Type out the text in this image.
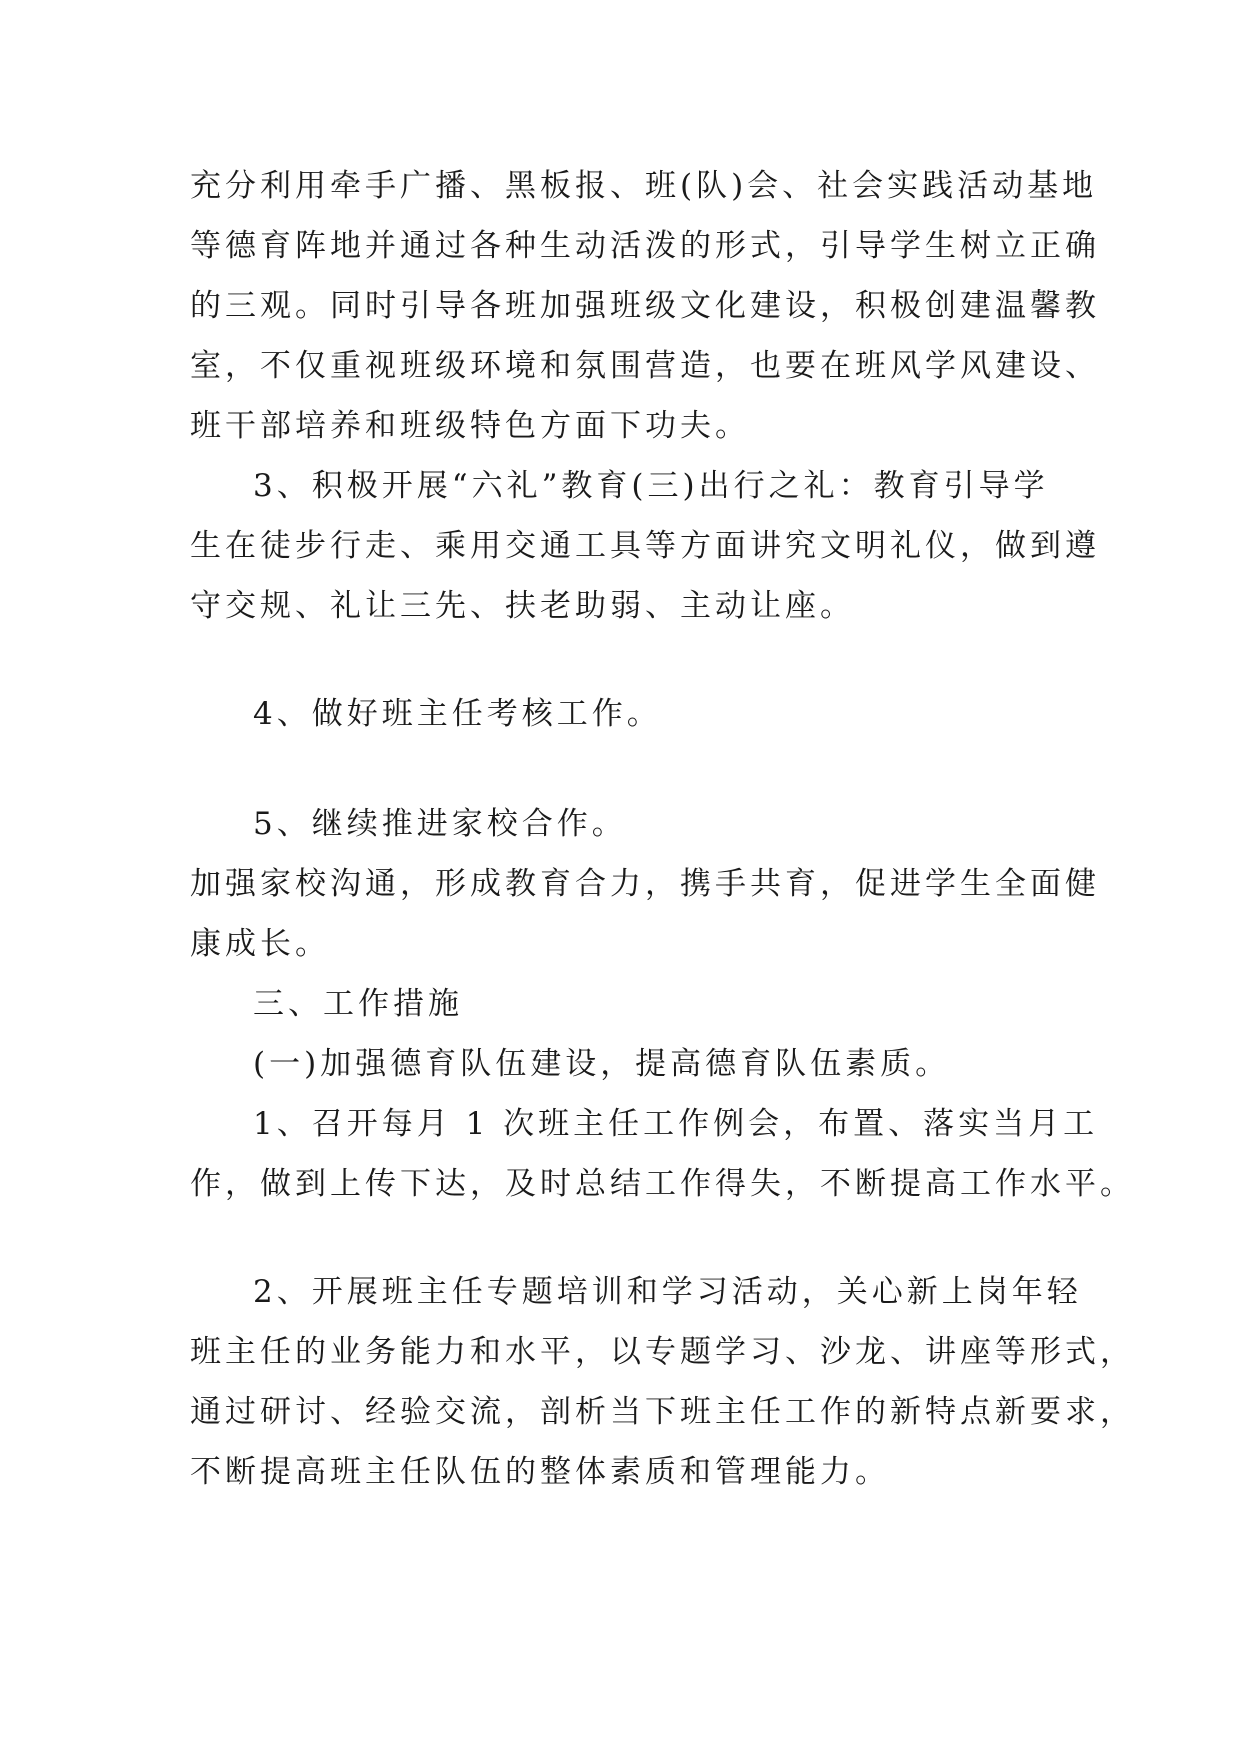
充分利用牵手广播、黑板报、班(队)会、社会实践活动基地

等德育阵地并通过各种生动活泼的形式，引导学生树立正确

的三观。同时引导各班加强班级文化建设，积极创建温馨教

室，不仅重视班级环境和氛围营造，也要在班风学风建设、

班干部培养和班级特色方面下功夫。

3、积极开展“六礼”教育(三)出行之礼：教育引导学

生在徒步行走、乘用交通工具等方面讲究文明礼仪，做到遵

守交规、礼让三先、扶老助弱、主动让座。

4、做好班主任考核工作。

5、继续推进家校合作。

加强家校沟通，形成教育合力，携手共育，促进学生全面健

康成长。

三、工作措施

(一)加强德育队伍建设，提高德育队伍素质。

1、召开每月 1 次班主任工作例会，布置、落实当月工

作，做到上传下达，及时总结工作得失，不断提高工作水平。

2、开展班主任专题培训和学习活动，关心新上岗年轻

班主任的业务能力和水平，以专题学习、沙龙、讲座等形式，

通过研讨、经验交流，剖析当下班主任工作的新特点新要求，

不断提高班主任队伍的整体素质和管理能力。
